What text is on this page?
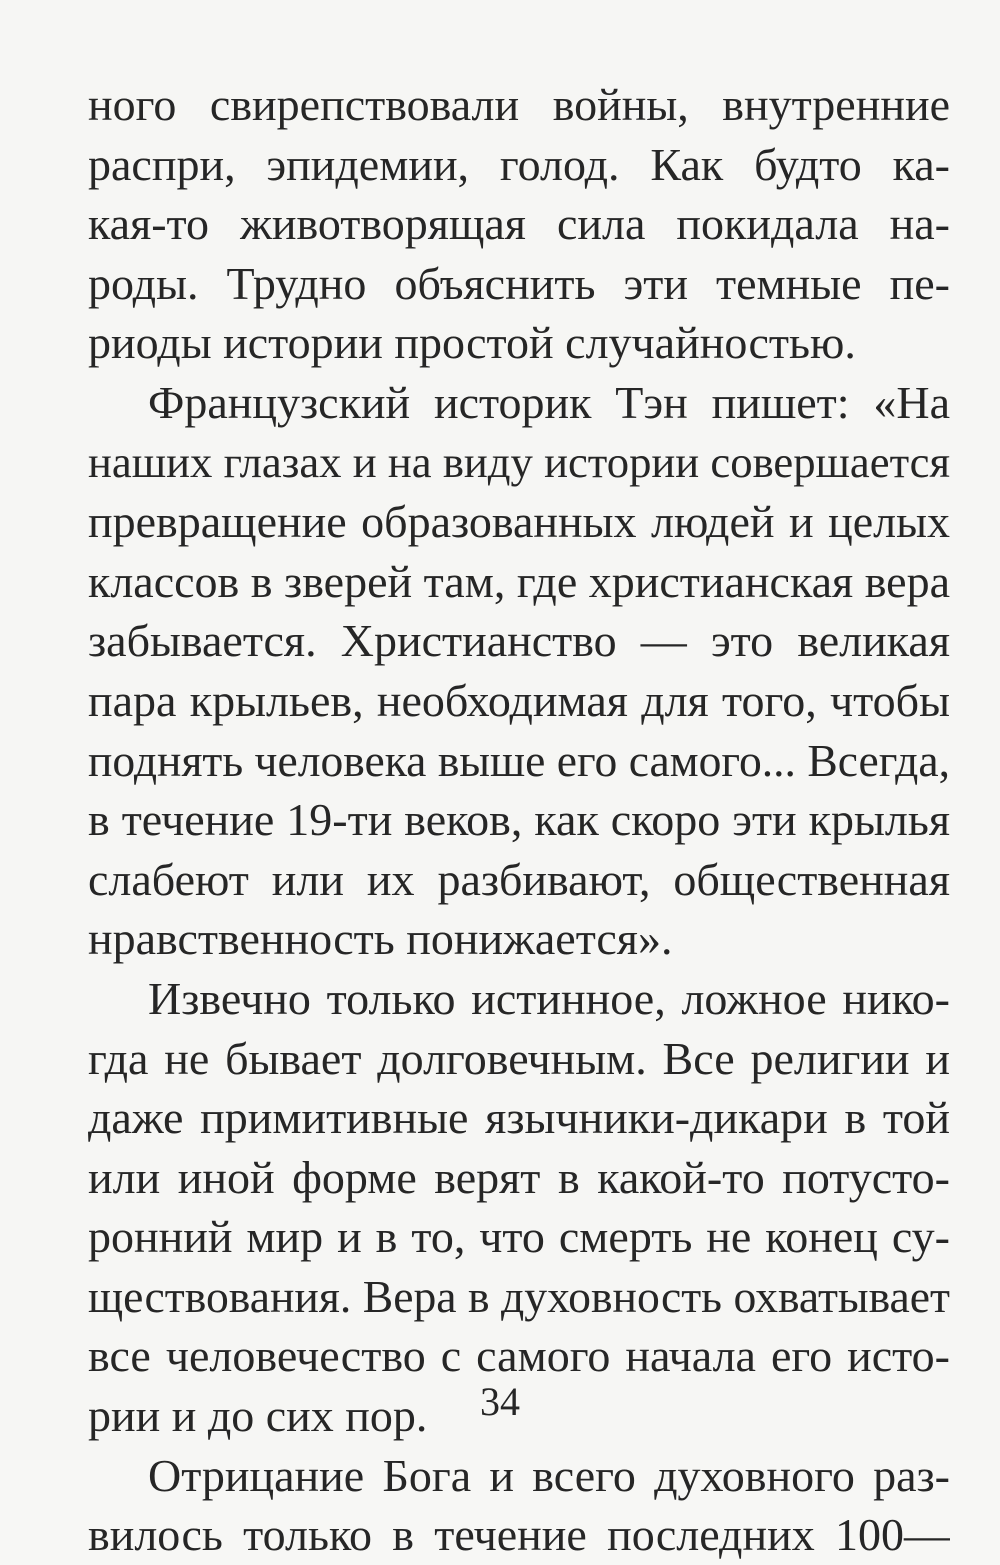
ного свирепствовали войны, внутренние
распри, эпидемии, голод. Как будто ка-
кая-то животворящая сила покидала на-
роды. Трудно объяснить эти темные пе-
риоды истории простой случайностью.
Французский историк Тэн пишет: «На
наших глазах и на виду истории совершается
превращение образованных людей и целых
классов в зверей там, где христианская вера
забывается. Христианство — это великая
пара крыльев, необходимая для того, чтобы
поднять человека выше его самого... Всегда,
в течение 19-ти веков, как скоро эти крылья
слабеют или их разбивают, общественная
нравственность понижается».
Извечно только истинное, ложное нико-
гда не бывает долговечным. Все религии и
даже примитивные язычники-дикари в той
или иной форме верят в какой-то потусто-
ронний мир и в то, что смерть не конец су-
ществования. Вера в духовность охватывает
все человечество с самого начала его исто-
рии и до сих пор.
Отрицание Бога и всего духовного раз-
вилось только в течение последних 100—
34
